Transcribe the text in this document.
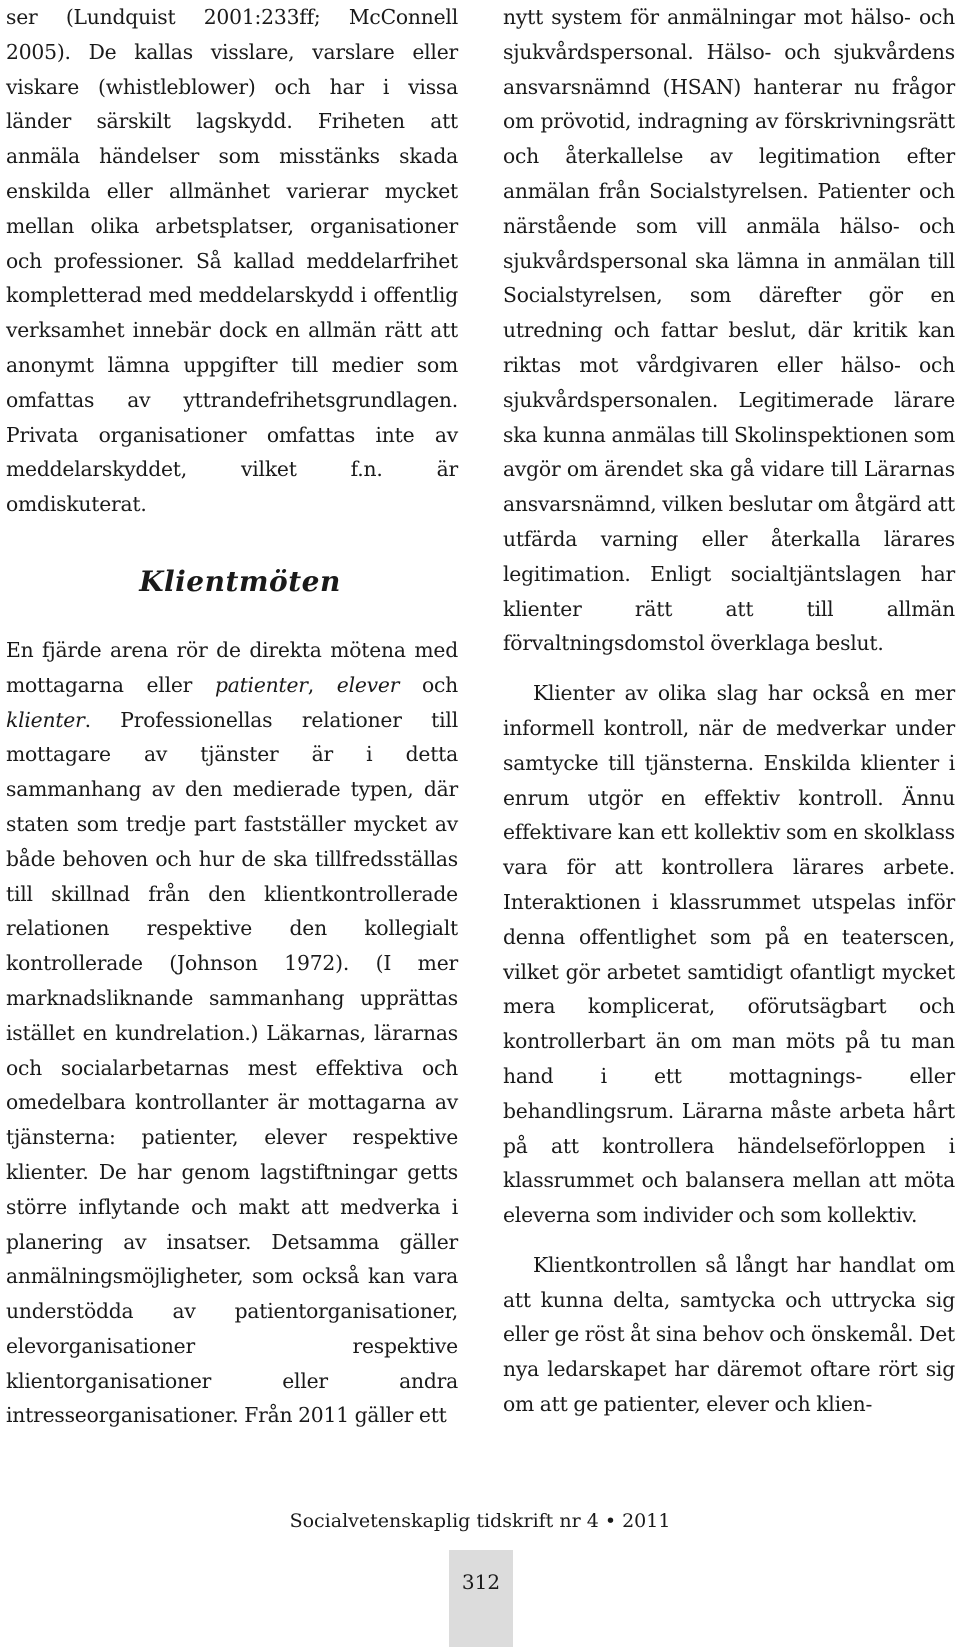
ser (Lundquist 2001:233ff; McConnell 2005). De kallas visslare, varslare eller viskare (whistleblower) och har i vissa länder särskilt lagskydd. Friheten att anmäla händelser som misstänks skada enskilda eller allmänhet varierar mycket mellan olika arbetsplatser, organisationer och professioner. Så kallad meddelarfrihet kompletterad med meddelarskydd i offentlig verksamhet innebär dock en allmän rätt att anonymt lämna uppgifter till medier som omfattas av yttrandefrihetsgrundlagen. Privata organisationer omfattas inte av meddelarskyddet, vilket f.n. är omdiskuterat.

Klientmöten

En fjärde arena rör de direkta mötena med mottagarna eller patienter, elever och klienter. Professionellas relationer till mottagare av tjänster är i detta sammanhang av den medierade typen, där staten som tredje part fastställer mycket av både behoven och hur de ska tillfredsställas till skillnad från den klientkontrollerade relationen respektive den kollegialt kontrollerade (Johnson 1972). (I mer marknadsliknande sammanhang upprättas istället en kundrelation.) Läkarnas, lärarnas och socialarbetarnas mest effektiva och omedelbara kontrollanter är mottagarna av tjänsterna: patienter, elever respektive klienter. De har genom lagstiftningar getts större inflytande och makt att medverka i planering av insatser. Detsamma gäller anmälningsmöjligheter, som också kan vara understödda av patientorganisationer, elevorganisationer respektive klientorganisationer eller andra intresseorganisationer. Från 2011 gäller ett

nytt system för anmälningar mot hälso- och sjukvårdspersonal. Hälso- och sjukvårdens ansvarsnämnd (HSAN) hanterar nu frågor om prövotid, indragning av förskrivningsrätt och återkallelse av legitimation efter anmälan från Socialstyrelsen. Patienter och närstående som vill anmäla hälso- och sjukvårdspersonal ska lämna in anmälan till Socialstyrelsen, som därefter gör en utredning och fattar beslut, där kritik kan riktas mot vårdgivaren eller hälso- och sjukvårdspersonalen. Legitimerade lärare ska kunna anmälas till Skolinspektionen som avgör om ärendet ska gå vidare till Lärarnas ansvarsnämnd, vilken beslutar om åtgärd att utfärda varning eller återkalla lärares legitimation. Enligt socialtjäntslagen har klienter rätt att till allmän förvaltningsdomstol överklaga beslut.

Klienter av olika slag har också en mer informell kontroll, när de medverkar under samtycke till tjänsterna. Enskilda klienter i enrum utgör en effektiv kontroll. Ännu effektivare kan ett kollektiv som en skolklass vara för att kontrollera lärares arbete. Interaktionen i klassrummet utspelas inför denna offentlighet som på en teaterscen, vilket gör arbetet samtidigt ofantligt mycket mera komplicerat, oförutsägbart och kontrollerbart än om man möts på tu man hand i ett mottagnings- eller behandlingsrum. Lärarna måste arbeta hårt på att kontrollera händelseförloppen i klassrummet och balansera mellan att möta eleverna som individer och som kollektiv.

Klientkontrollen så långt har handlat om att kunna delta, samtycka och uttrycka sig eller ge röst åt sina behov och önskemål. Det nya ledarskapet har däremot oftare rört sig om att ge patienter, elever och klien-

Socialvetenskaplig tidskrift nr 4 • 2011
312
